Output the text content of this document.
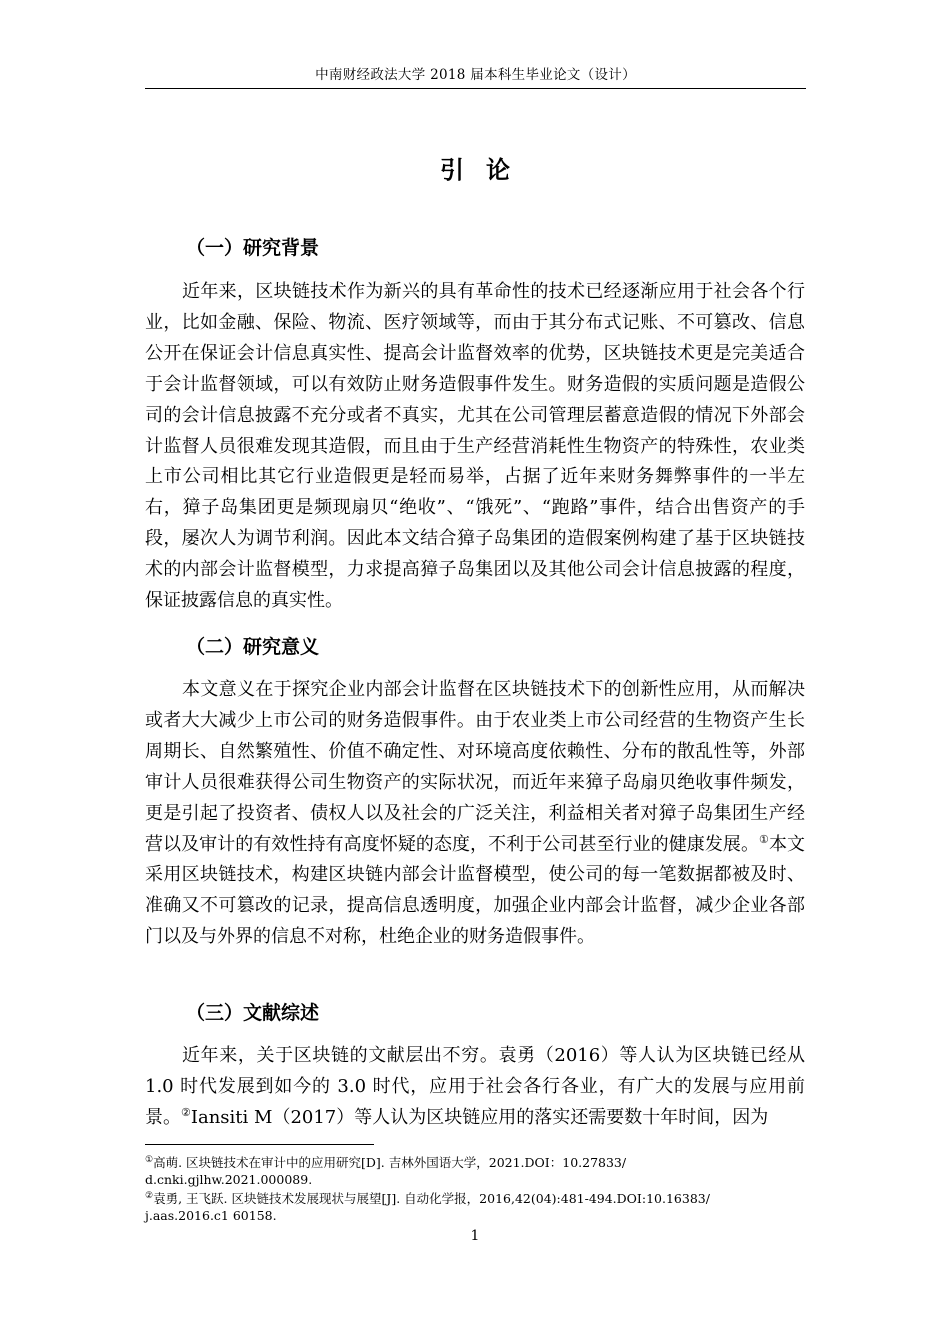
中南财经政法大学 2018 届本科生毕业论文（设计）
引论
（一）研究背景
近年来，区块链技术作为新兴的具有革命性的技术已经逐渐应用于社会各个行业，比如金融、保险、物流、医疗领域等，而由于其分布式记账、不可篡改、信息公开在保证会计信息真实性、提高会计监督效率的优势，区块链技术更是完美适合于会计监督领域，可以有效防止财务造假事件发生。财务造假的实质问题是造假公司的会计信息披露不充分或者不真实，尤其在公司管理层蓄意造假的情况下外部会计监督人员很难发现其造假，而且由于生产经营消耗性生物资产的特殊性，农业类上市公司相比其它行业造假更是轻而易举，占据了近年来财务舞弊事件的一半左右，獐子岛集团更是频现扇贝“绝收”、“饿死”、“跑路”事件，结合出售资产的手段，屡次人为调节利润。因此本文结合獐子岛集团的造假案例构建了基于区块链技术的内部会计监督模型，力求提高獐子岛集团以及其他公司会计信息披露的程度，保证披露信息的真实性。
（二）研究意义
本文意义在于探究企业内部会计监督在区块链技术下的创新性应用，从而解决或者大大减少上市公司的财务造假事件。由于农业类上市公司经营的生物资产生长周期长、自然繁殖性、价值不确定性、对环境高度依赖性、分布的散乱性等，外部审计人员很难获得公司生物资产的实际状况，而近年来獐子岛扇贝绝收事件频发，更是引起了投资者、债权人以及社会的广泛关注，利益相关者对獐子岛集团生产经营以及审计的有效性持有高度怀疑的态度，不利于公司甚至行业的健康发展。①本文采用区块链技术，构建区块链内部会计监督模型，使公司的每一笔数据都被及时、准确又不可篡改的记录，提高信息透明度，加强企业内部会计监督，减少企业各部门以及与外界的信息不对称，杜绝企业的财务造假事件。
（三）文献综述
近年来，关于区块链的文献层出不穷。袁勇（2016）等人认为区块链已经从 1.0 时代发展到如今的 3.0 时代，应用于社会各行各业，有广大的发展与应用前景。②Iansiti M（2017）等人认为区块链应用的落实还需要数十年时间，因为
①高萌. 区块链技术在审计中的应用研究[D]. 吉林外国语大学，2021.DOI：10.27833/
d.cnki.gjlhw.2021.000089.
②袁勇, 王飞跃. 区块链技术发展现状与展望[J]. 自动化学报，2016,42(04):481-494.DOI:10.16383/
j.aas.2016.c1 60158.
1
